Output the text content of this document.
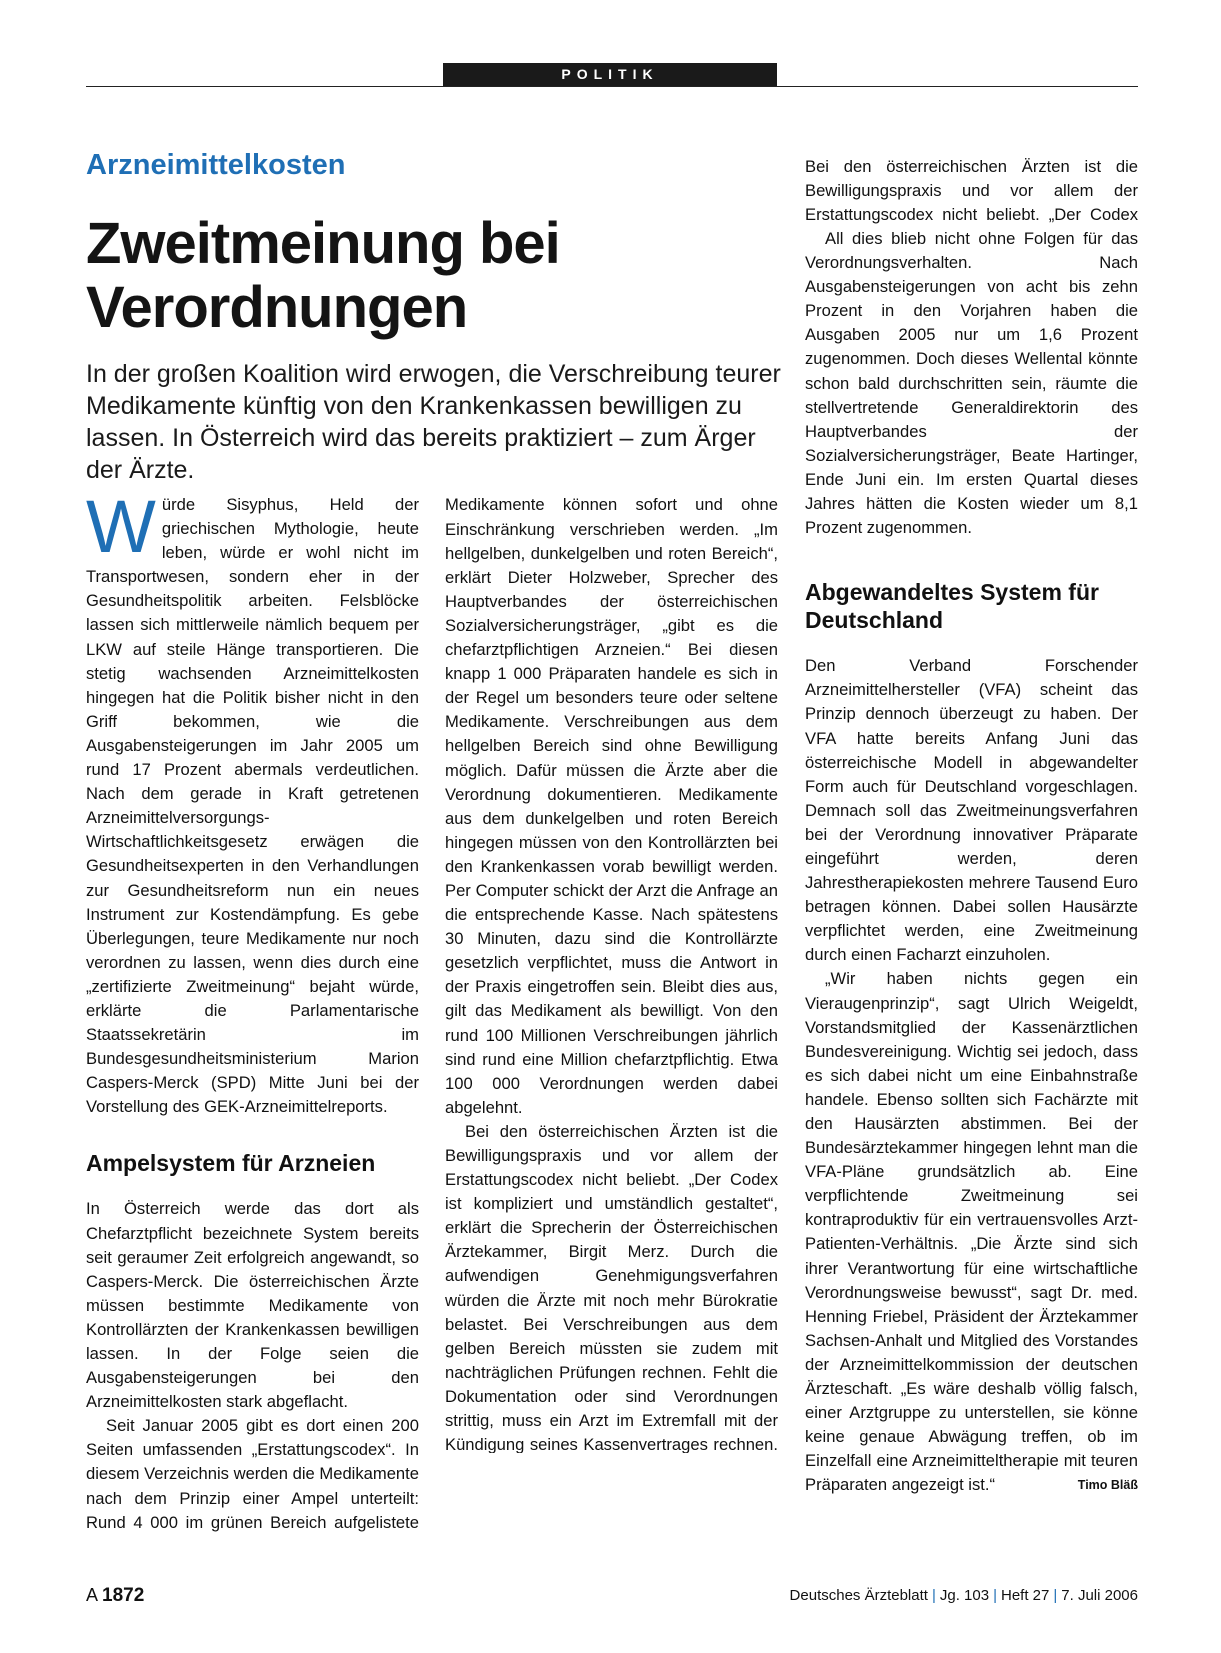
POLITIK
Arzneimittelkosten
Zweitmeinung bei Verordnungen
In der großen Koalition wird erwogen, die Verschreibung teurer Medikamente künftig von den Krankenkassen bewilligen zu lassen. In Österreich wird das bereits praktiziert – zum Ärger der Ärzte.

Würde Sisyphus, Held der griechischen Mythologie, heute leben, würde er wohl nicht im Transportwesen, sondern eher in der Gesundheitspolitik arbeiten. Felsblöcke lassen sich mittlerweile nämlich bequem per LKW auf steile Hänge transportieren. Die stetig wachsenden Arzneimittelkosten hingegen hat die Politik bisher nicht in den Griff bekommen, wie die Ausgabensteigerungen im Jahr 2005 um rund 17 Prozent abermals verdeutlichen. Nach dem gerade in Kraft getretenen Arzneimittelversorgungs-Wirtschaftlichkeitsgesetz erwägen die Gesundheitsexperten in den Verhandlungen zur Gesundheitsreform nun ein neues Instrument zur Kostendämpfung. Es gebe Überlegungen, teure Medikamente nur noch verordnen zu lassen, wenn dies durch eine „zertifizierte Zweitmeinung“ bejaht würde, erklärte die Parlamentarische Staatssekretärin im Bundesgesundheitsministerium Marion Caspers-Merck (SPD) Mitte Juni bei der Vorstellung des GEK-Arzneimittelreports.

Ampelsystem für Arzneien

In Österreich werde das dort als Chefarztpflicht bezeichnete System bereits seit geraumer Zeit erfolgreich angewandt, so Caspers-Merck. Die österreichischen Ärzte müssen bestimmte Medikamente von Kontrollärzten der Krankenkassen bewilligen lassen. In der Folge seien die Ausgabensteigerungen bei den Arzneimittelkosten stark abgeflacht.

Seit Januar 2005 gibt es dort einen 200 Seiten umfassenden „Erstattungscodex“. In diesem Verzeichnis werden die Medikamente nach dem Prinzip einer Ampel unterteilt: Rund 4 000 im grünen Bereich aufgelistete

Medikamente können sofort und ohne Einschränkung verschrieben werden. „Im hellgelben, dunkelgelben und roten Bereich“, erklärt Dieter Holzweber, Sprecher des Hauptverbandes der österreichischen Sozialversicherungsträger, „gibt es die chefarztpflichtigen Arzneien.“ Bei diesen knapp 1 000 Präparaten handele es sich in der Regel um besonders teure oder seltene Medikamente. Verschreibungen aus dem hellgelben Bereich sind ohne Bewilligung möglich. Dafür müssen die Ärzte aber die Verordnung dokumentieren. Medikamente aus dem dunkelgelben und roten Bereich hingegen müssen von den Kontrollärzten bei den Krankenkassen vorab bewilligt werden. Per Computer schickt der Arzt die Anfrage an die entsprechende Kasse. Nach spätestens 30 Minuten, dazu sind die Kontrollärzte gesetzlich verpflichtet, muss die Antwort in der Praxis eingetroffen sein. Bleibt dies aus, gilt das Medikament als bewilligt. Von den rund 100 Millionen Verschreibungen jährlich sind rund eine Million chefarztpflichtig. Etwa 100 000 Verordnungen werden dabei abgelehnt.

Bei den österreichischen Ärzten ist die Bewilligungspraxis und vor allem der Erstattungscodex nicht beliebt. „Der Codex ist kompliziert und umständlich gestaltet“, erklärt die Sprecherin der Österreichischen Ärztekammer, Birgit Merz. Durch die aufwendigen Genehmigungsverfahren würden die Ärzte mit noch mehr Bürokratie belastet. Bei Verschreibungen aus dem gelben Bereich müssten sie zudem mit nachträglichen Prüfungen rechnen. Fehlt die Dokumentation oder sind Verordnungen strittig, muss ein Arzt im Extremfall mit der Kündigung seines Kassenvertrages rechnen.

Bei den österreichischen Ärzten ist die Bewilligungspraxis und vor allem der Erstattungscodex nicht beliebt. „Der Codex

All dies blieb nicht ohne Folgen für das Verordnungsverhalten. Nach Ausgabensteigerungen von acht bis zehn Prozent in den Vorjahren haben die Ausgaben 2005 nur um 1,6 Prozent zugenommen. Doch dieses Wellental könnte schon bald durchschritten sein, räumte die stellvertretende Generaldirektorin des Hauptverbandes der Sozialversicherungsträger, Beate Hartinger, Ende Juni ein. Im ersten Quartal dieses Jahres hätten die Kosten wieder um 8,1 Prozent zugenommen.

Abgewandeltes System für Deutschland

Den Verband Forschender Arzneimittelhersteller (VFA) scheint das Prinzip dennoch überzeugt zu haben. Der VFA hatte bereits Anfang Juni das österreichische Modell in abgewandelter Form auch für Deutschland vorgeschlagen. Demnach soll das Zweitmeinungsverfahren bei der Verordnung innovativer Präparate eingeführt werden, deren Jahrestherapiekosten mehrere Tausend Euro betragen können. Dabei sollen Hausärzte verpflichtet werden, eine Zweitmeinung durch einen Facharzt einzuholen.

„Wir haben nichts gegen ein Vieraugenprinzip“, sagt Ulrich Weigeldt, Vorstandsmitglied der Kassenärztlichen Bundesvereinigung. Wichtig sei jedoch, dass es sich dabei nicht um eine Einbahnstraße handele. Ebenso sollten sich Fachärzte mit den Hausärzten abstimmen. Bei der Bundesärztekammer hingegen lehnt man die VFA-Pläne grundsätzlich ab. Eine verpflichtende Zweitmeinung sei kontraproduktiv für ein vertrauensvolles Arzt-Patienten-Verhältnis. „Die Ärzte sind sich ihrer Verantwortung für eine wirtschaftliche Verordnungsweise bewusst“, sagt Dr. med. Henning Friebel, Präsident der Ärztekammer Sachsen-Anhalt und Mitglied des Vorstandes der Arzneimittelkommission der deutschen Ärzteschaft. „Es wäre deshalb völlig falsch, einer Arztgruppe zu unterstellen, sie könne keine genaue Abwägung treffen, ob im Einzelfall eine Arzneimitteltherapie mit teuren Präparaten angezeigt ist.“	Timo Bläß

A 1872	Deutsches Ärzteblatt | Jg. 103 | Heft 27 | 7. Juli 2006
